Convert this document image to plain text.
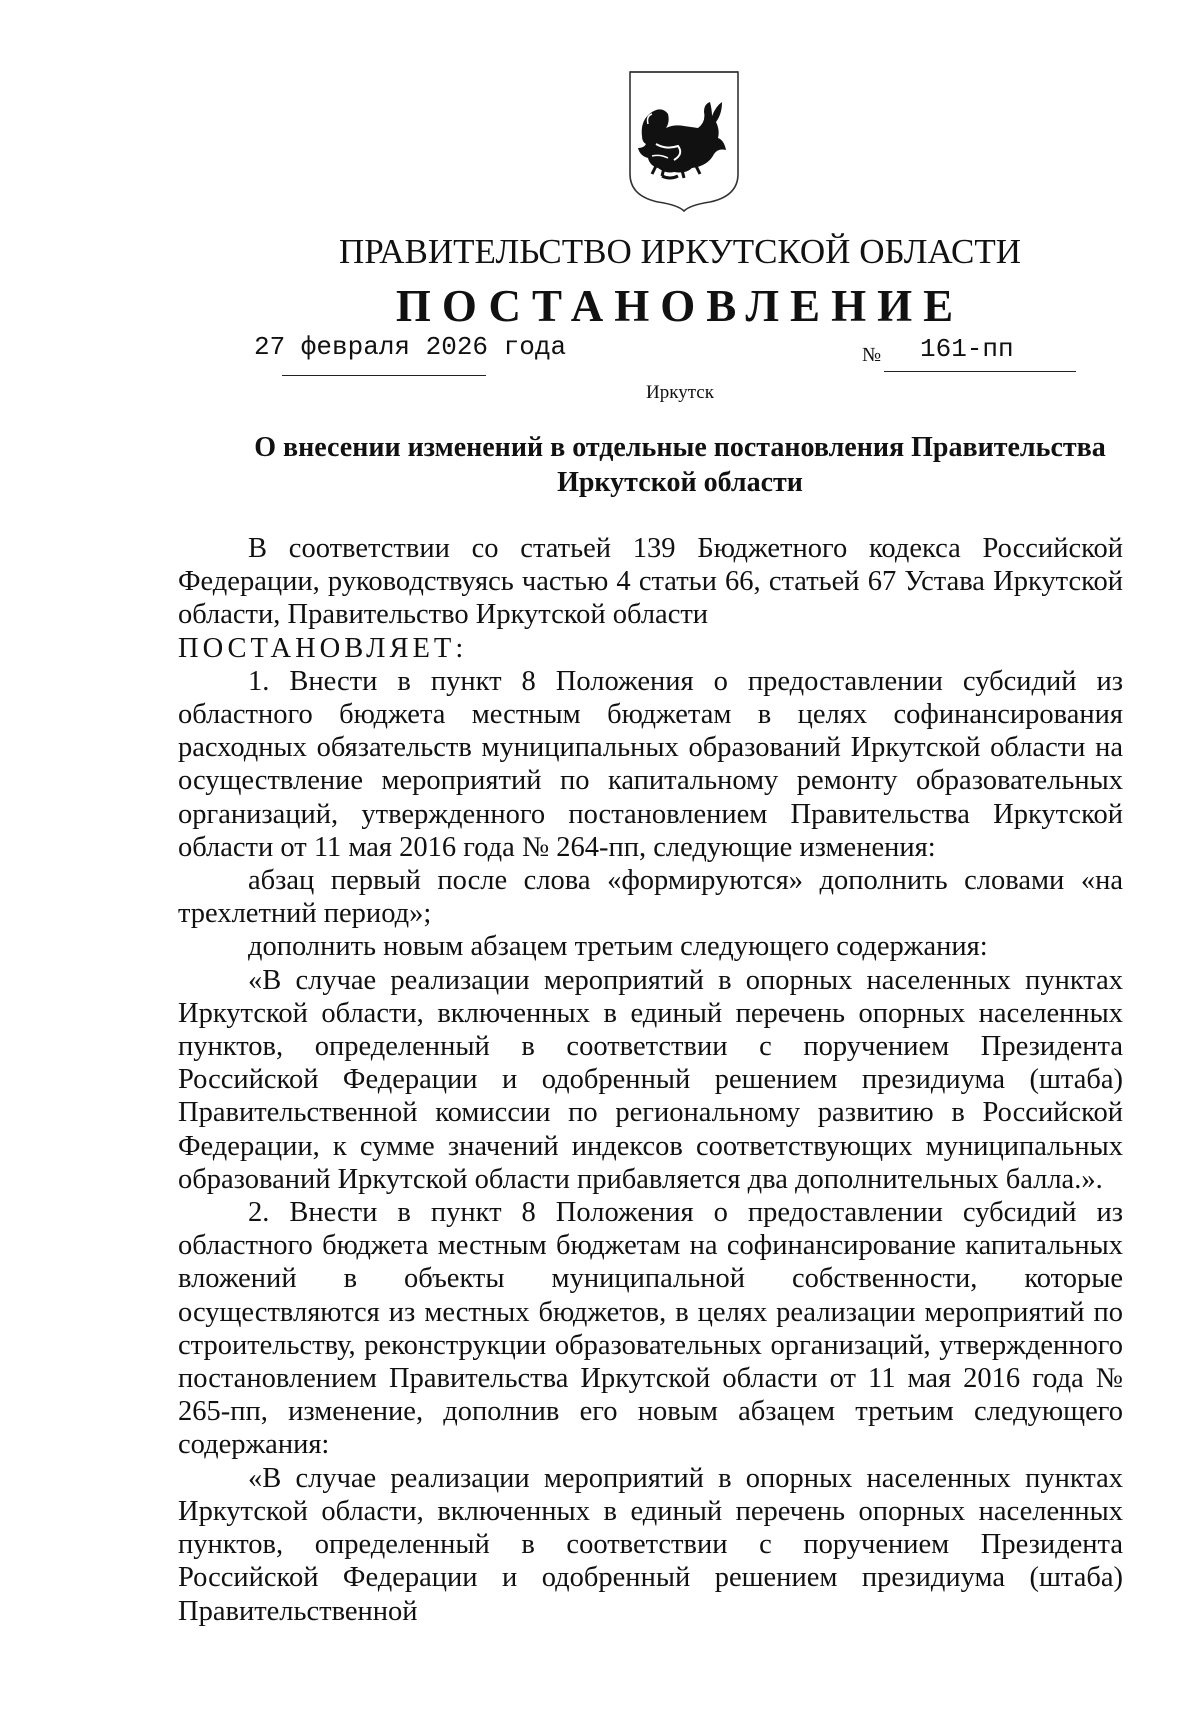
ПРАВИТЕЛЬСТВО ИРКУТСКОЙ ОБЛАСТИ
ПОСТАНОВЛЕНИЕ
27 февраля 2026 года	№ 161-пп
Иркутск
О внесении изменений в отдельные постановления Правительства
Иркутской области

В соответствии со статьей 139 Бюджетного кодекса Российской Федерации, руководствуясь частью 4 статьи 66, статьей 67 Устава Иркутской области, Правительство Иркутской области

ПОСТАНОВЛЯЕТ:

1. Внести в пункт 8 Положения о предоставлении субсидий из областного бюджета местным бюджетам в целях софинансирования расходных обязательств муниципальных образований Иркутской области на осуществление мероприятий по капитальному ремонту образовательных организаций, утвержденного постановлением Правительства Иркутской области от 11 мая 2016 года № 264-пп, следующие изменения:

абзац первый после слова «формируются» дополнить словами «на трехлетний период»;

дополнить новым абзацем третьим следующего содержания:

«В случае реализации мероприятий в опорных населенных пунктах Иркутской области, включенных в единый перечень опорных населенных пунктов, определенный в соответствии с поручением Президента Российской Федерации и одобренный решением президиума (штаба) Правительственной комиссии по региональному развитию в Российской Федерации, к сумме значений индексов соответствующих муниципальных образований Иркутской области прибавляется два дополнительных балла.».

2. Внести в пункт 8 Положения о предоставлении субсидий из областного бюджета местным бюджетам на софинансирование капитальных вложений в объекты муниципальной собственности, которые осуществляются из местных бюджетов, в целях реализации мероприятий по строительству, реконструкции образовательных организаций, утвержденного постановлением Правительства Иркутской области от 11 мая 2016 года № 265-пп, изменение, дополнив его новым абзацем третьим следующего содержания:

«В случае реализации мероприятий в опорных населенных пунктах Иркутской области, включенных в единый перечень опорных населенных пунктов, определенный в соответствии с поручением Президента Российской Федерации и одобренный решением президиума (штаба) Правительственной
